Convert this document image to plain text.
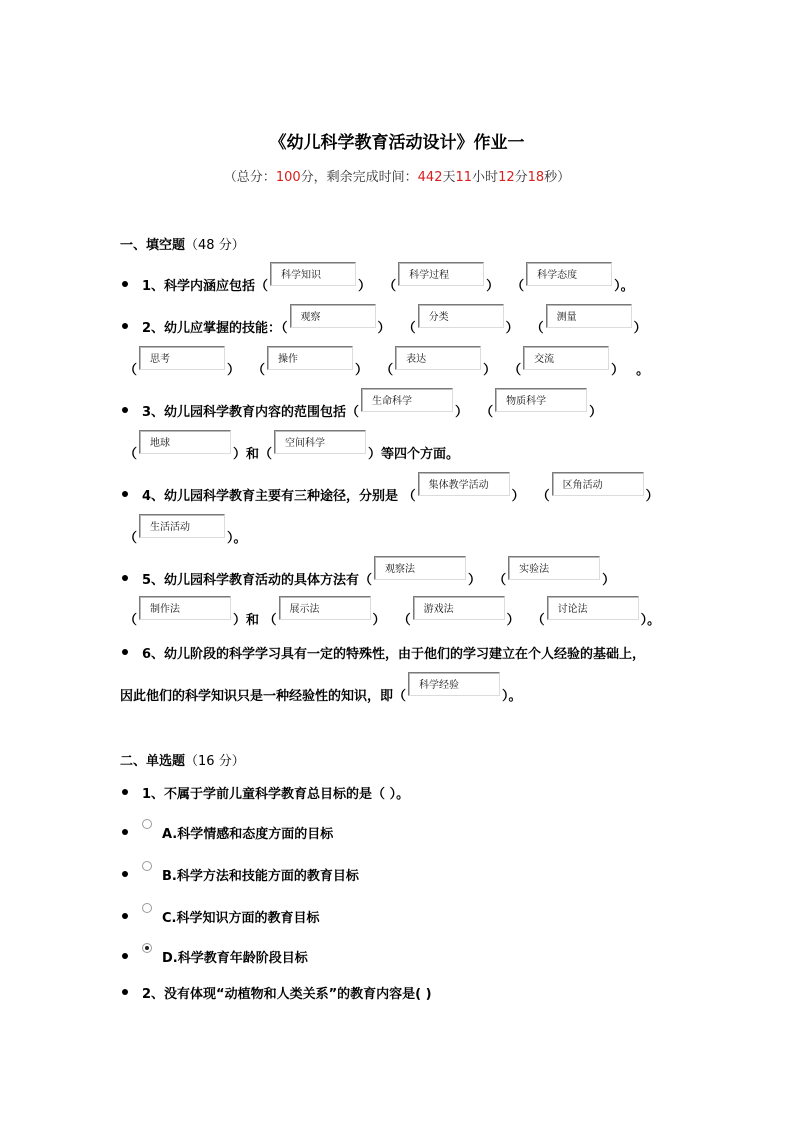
《幼儿科学教育活动设计》作业一
（总分：100分，剩余完成时间：442天11小时12分18秒）
一、填空题（48 分）
1、科学内涵应包括（
科学知识
） （
科学过程
） （
科学态度
）。
2、幼儿应掌握的技能：（
观察
） （
分类
） （
测量
）
（
思考
） （
操作
） （
表达
） （
交流
） 。
3、幼儿园科学教育内容的范围包括（
生命科学
） （
物质科学
）
（
地球
）和（
空间科学
）等四个方面。
4、幼儿园科学教育主要有三种途径，分别是 （
集体教学活动
） （
区角活动
）
（
生活活动
）。
5、幼儿园科学教育活动的具体方法有（
观察法
） （
实验法
）
（
制作法
）和 （
展示法
） （
游戏法
） （
讨论法
）。
6、幼儿阶段的科学学习具有一定的特殊性，由于他们的学习建立在个人经验的基础上，
因此他们的科学知识只是一种经验性的知识，即（
科学经验
）。
二、单选题（16 分）
1、不属于学前儿童科学教育总目标的是（ ）。
A.科学情感和态度方面的目标
B.科学方法和技能方面的教育目标
C.科学知识方面的教育目标
D.科学教育年龄阶段目标
2、没有体现“动植物和人类关系”的教育内容是( )
